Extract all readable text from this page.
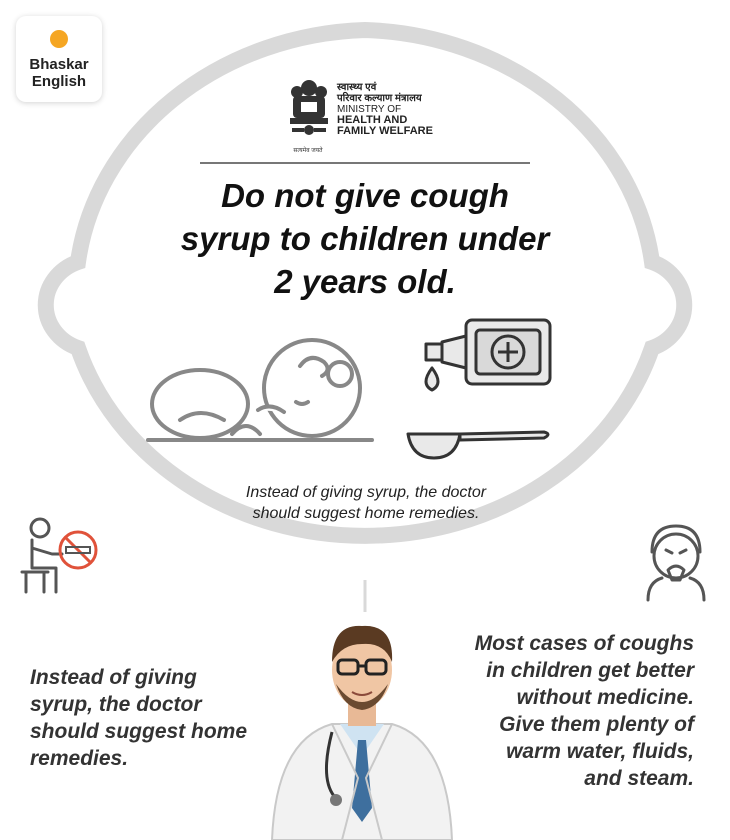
Bhaskar
English
सत्यमेव जयते
स्वास्थ्य एवं
परिवार कल्याण मंत्रालय
MINISTRY OF
HEALTH AND
FAMILY WELFARE
Do not give cough syrup to children under 2 years old.
Instead of giving syrup, the doctor should suggest home remedies.
Instead of giving syrup, the doctor should suggest home remedies.
Most cases of coughs in children get better without medicine. Give them plenty of warm water, fluids, and steam.
